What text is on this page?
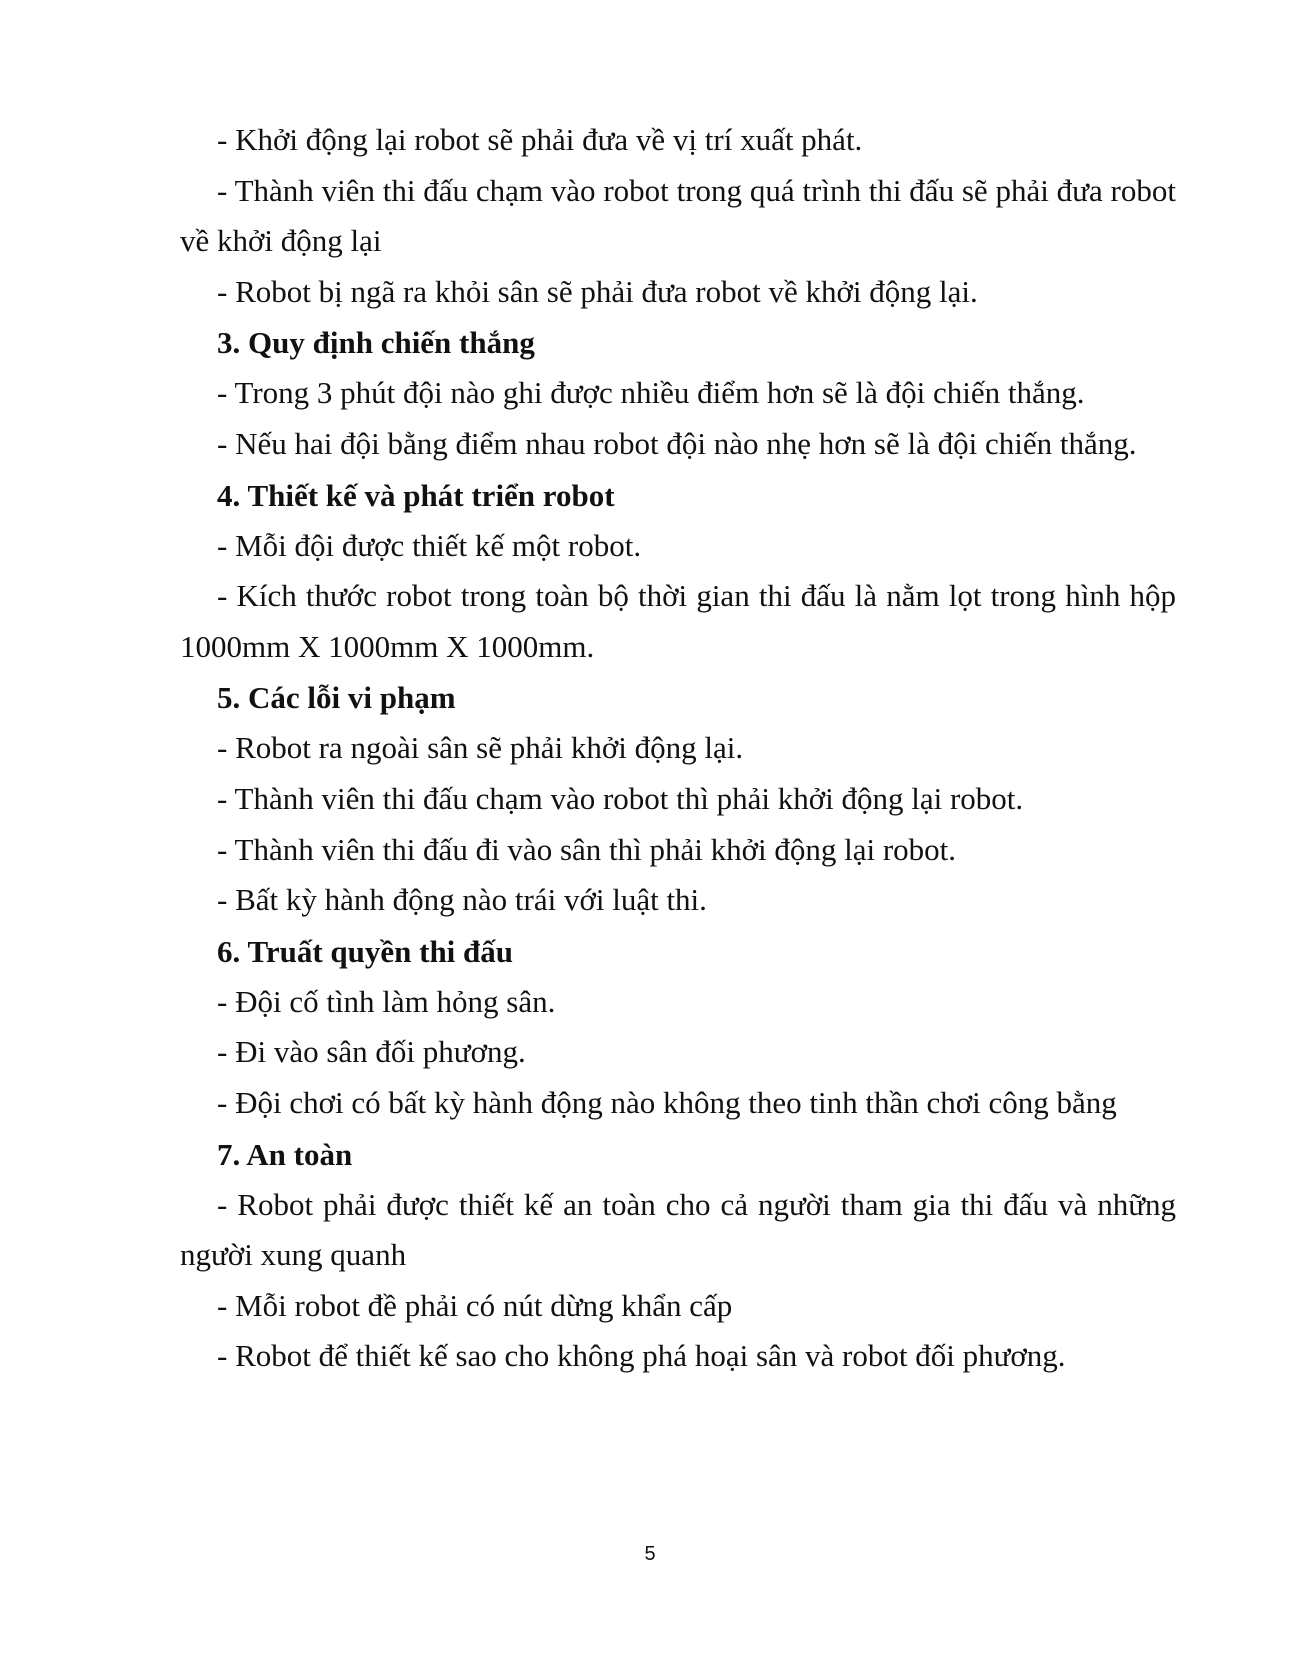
- Khởi động lại robot sẽ phải đưa về vị trí xuất phát.

- Thành viên thi đấu chạm vào robot trong quá trình thi đấu sẽ phải đưa robot về khởi động lại

- Robot bị ngã ra khỏi sân sẽ phải đưa robot về khởi động lại.

3. Quy định chiến thắng

- Trong 3 phút đội nào ghi được nhiều điểm hơn sẽ là đội chiến thắng.

- Nếu hai đội bằng điểm nhau robot đội nào nhẹ hơn sẽ là đội chiến thắng.

4. Thiết kế và phát triển robot

- Mỗi đội được thiết kế một robot.

- Kích thước robot trong toàn bộ thời gian thi đấu là nằm lọt trong hình hộp 1000mm X 1000mm X 1000mm.

5. Các lỗi vi phạm

- Robot ra ngoài sân sẽ phải khởi động lại.

- Thành viên thi đấu chạm vào robot thì phải khởi động lại robot.

- Thành viên thi đấu đi vào sân thì phải khởi động lại robot.

- Bất kỳ hành động nào trái với luật thi.

6. Truất quyền thi đấu

- Đội cố tình làm hỏng sân.

- Đi vào sân đối phương.

- Đội chơi có bất kỳ hành động nào không theo tinh thần chơi công bằng

7. An toàn

- Robot phải được thiết kế an toàn cho cả người tham gia thi đấu và những người xung quanh

- Mỗi robot đề phải có nút dừng khẩn cấp

- Robot để thiết kế sao cho không phá hoại sân và robot đối phương.

5
